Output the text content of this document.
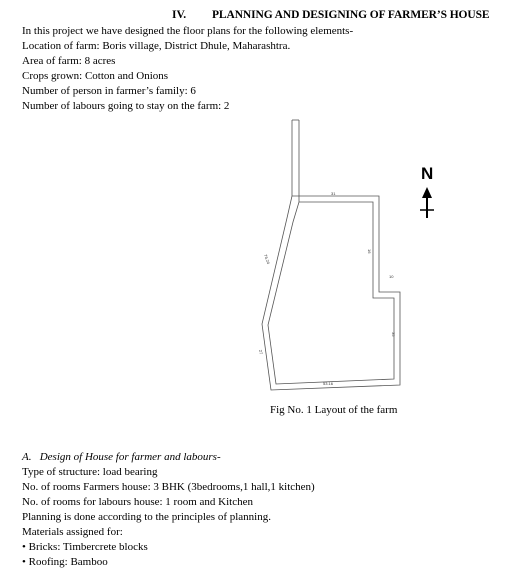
IV. PLANNING AND DESIGNING OF FARMER’S HOUSE
In this project we have designed the floor plans for the following elements-
Location of farm: Boris village, District Dhule, Maharashtra.
Area of farm: 8 acres
Crops grown: Cotton and Onions
Number of person in farmer’s family: 6
Number of labours going to stay on the farm: 2
31
16
10
35
53.16
76.24
27
N
Fig No. 1 Layout of the farm
A. Design of House for farmer and labours-
Type of structure: load bearing
No. of rooms Farmers house: 3 BHK (3bedrooms,1 hall,1 kitchen)
No. of rooms for labours house: 1 room and Kitchen
Planning is done according to the principles of planning.
Materials assigned for:
• Bricks: Timbercrete blocks
• Roofing: Bamboo
